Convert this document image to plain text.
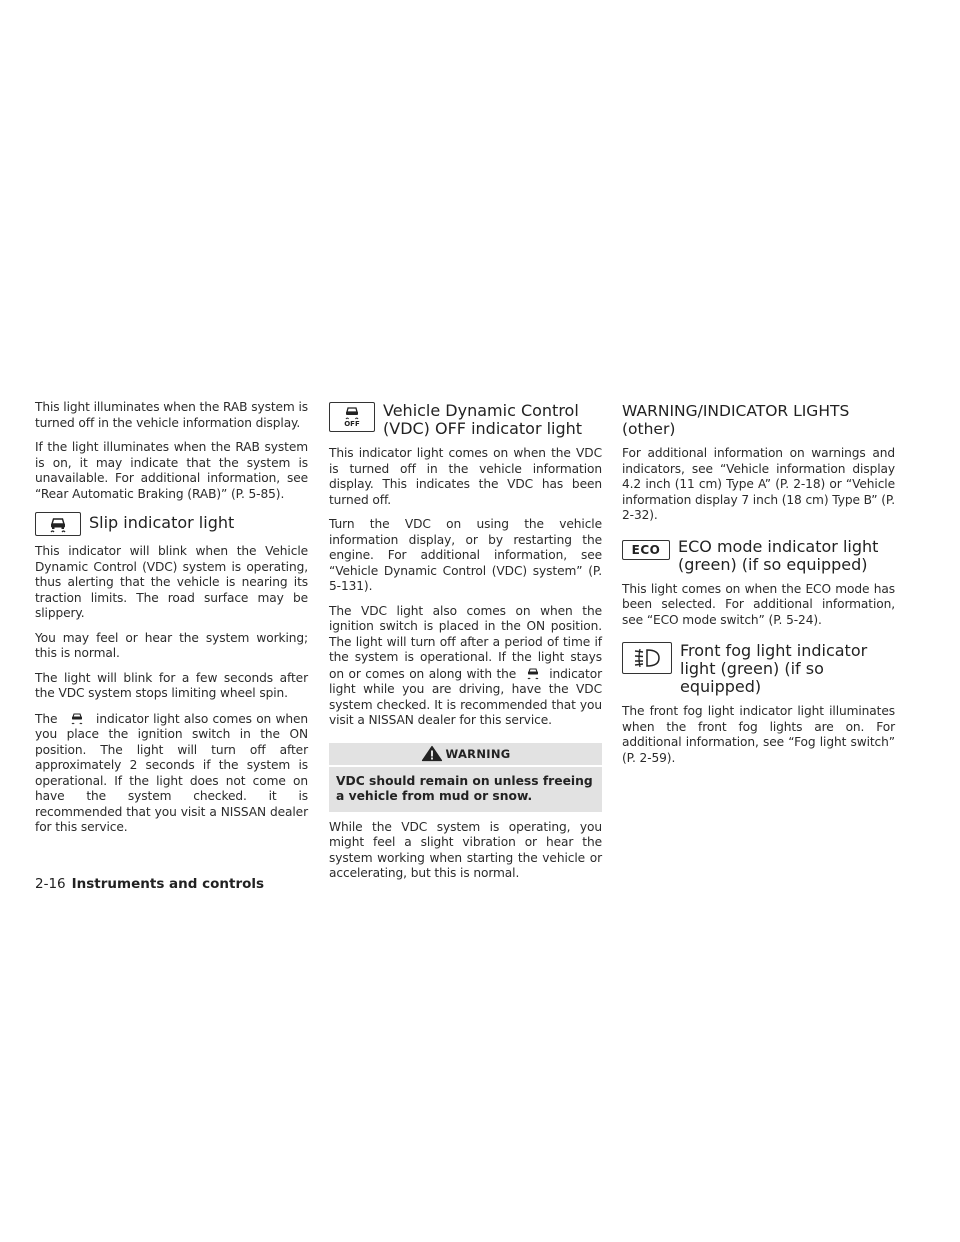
This light illuminates when the RAB system is turned off in the vehicle information display.

If the light illuminates when the RAB system is on, it may indicate that the system is unavailable. For additional information, see “Rear Automatic Braking (RAB)” (P. 5-85).

Slip indicator light

This indicator will blink when the Vehicle Dynamic Control (VDC) system is operating, thus alerting that the vehicle is nearing its traction limits. The road surface may be slippery.

You may feel or hear the system working; this is normal.

The light will blink for a few seconds after the VDC system stops limiting wheel spin.

The	indicator light also comes on when you place the ignition switch in the ON position. The light will turn off after approximately 2 seconds if the system is operational. If the light does not come on have the system checked. it is recommended that you visit a NISSAN dealer for this service.

OFF
Vehicle Dynamic Control
(VDC) OFF indicator light

This indicator light comes on when the VDC is turned off in the vehicle information display. This indicates the VDC has been turned off.

Turn the VDC on using the vehicle information display, or by restarting the engine. For additional information, see “Vehicle Dynamic Control (VDC) system” (P. 5-131).

The VDC light also comes on when the ignition switch is placed in the ON position. The light will turn off after a period of time if the system is operational. If the light stays on or comes on along with the	indicator light while you are driving, have the VDC system checked. It is recommended that you visit a NISSAN dealer for this service.

WARNING
VDC should remain on unless freeing a vehicle from mud or snow.

While the VDC system is operating, you might feel a slight vibration or hear the system working when starting the vehicle or accelerating, but this is normal.

WARNING/INDICATOR LIGHTS
(other)

For additional information on warnings and indicators, see “Vehicle information display 4.2 inch (11 cm) Type A” (P. 2-18) or “Vehicle information display 7 inch (18 cm) Type B” (P. 2-32).

ECO ECO mode indicator light
(green) (if so equipped)

This light comes on when the ECO mode has been selected. For additional information, see “ECO mode switch” (P. 5-24).

Front fog light indicator
light (green) (if so
equipped)

The front fog light indicator light illuminates when the front fog lights are on. For additional information, see “Fog light switch” (P. 2-59).

2-16 Instruments and controls
